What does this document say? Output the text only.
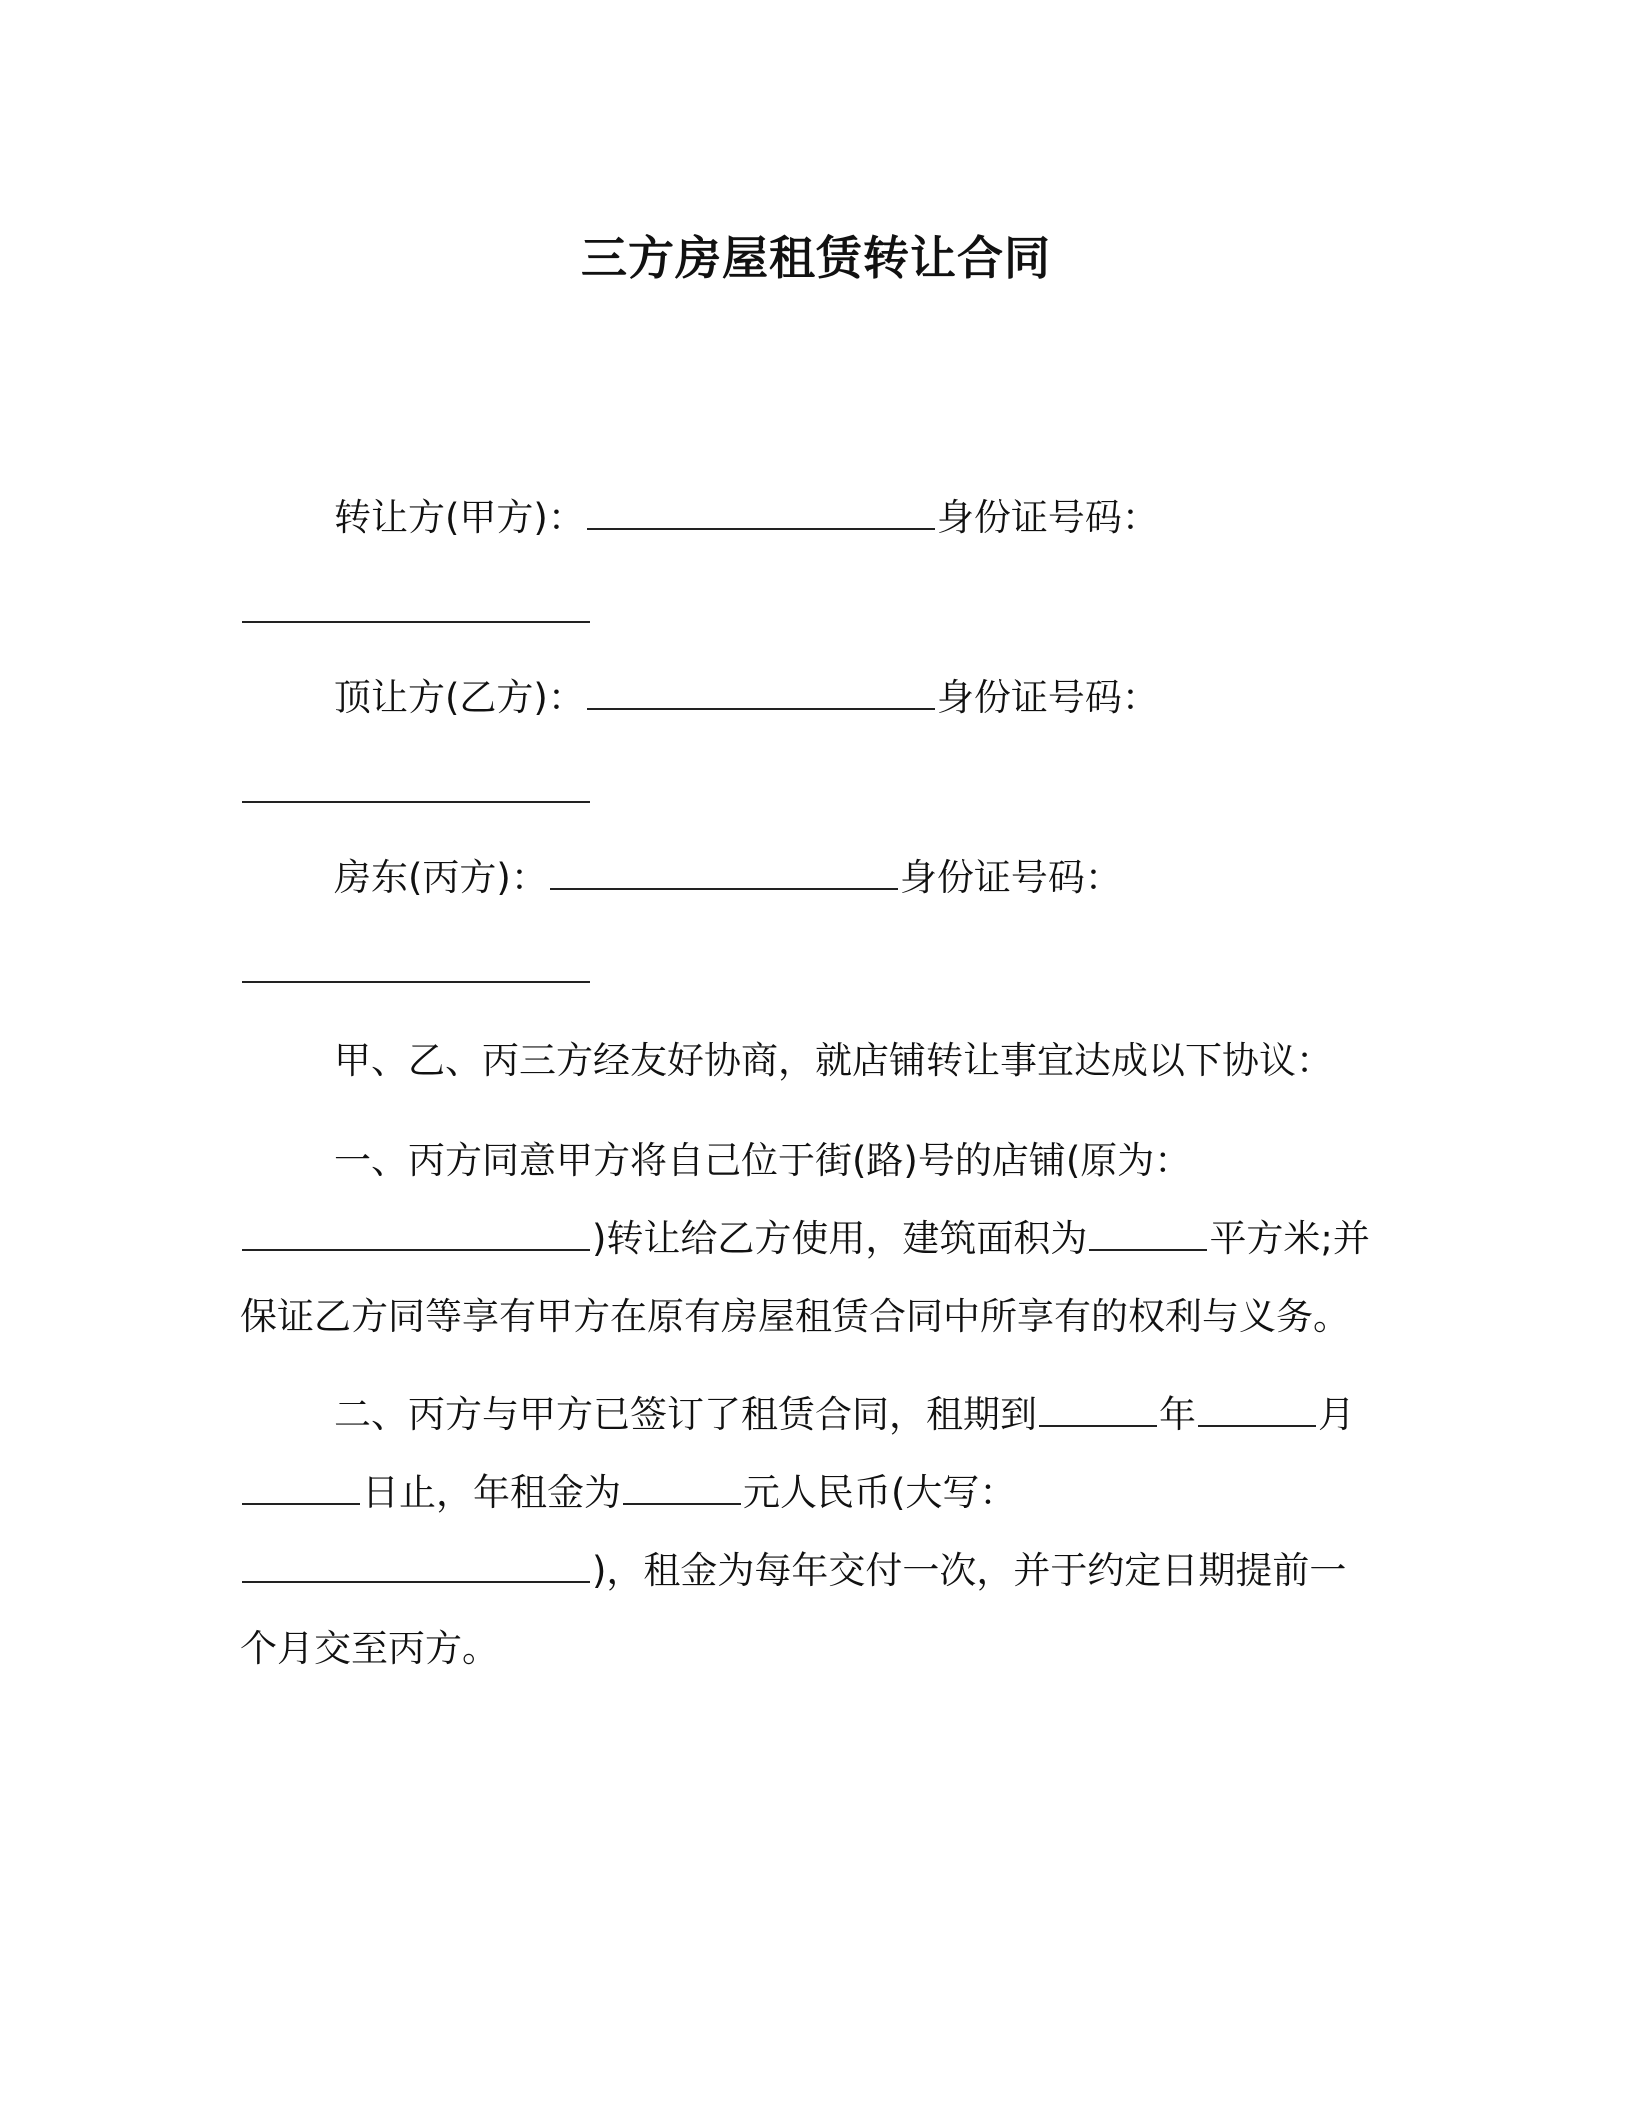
三方房屋租赁转让合同
转让方(甲方)：	身份证号码：
顶让方(乙方)：	身份证号码：
房东(丙方)：	身份证号码：
甲、乙、丙三方经友好协商，就店铺转让事宜达成以下协议：
一、丙方同意甲方将自己位于街(路)号的店铺(原为：
)转让给乙方使用，建筑面积为	平方米;并
保证乙方同等享有甲方在原有房屋租赁合同中所享有的权利与义务。
二、丙方与甲方已签订了租赁合同，租期到	年	月
日止，年租金为	元人民币(大写：
)，租金为每年交付一次，并于约定日期提前一
个月交至丙方。
